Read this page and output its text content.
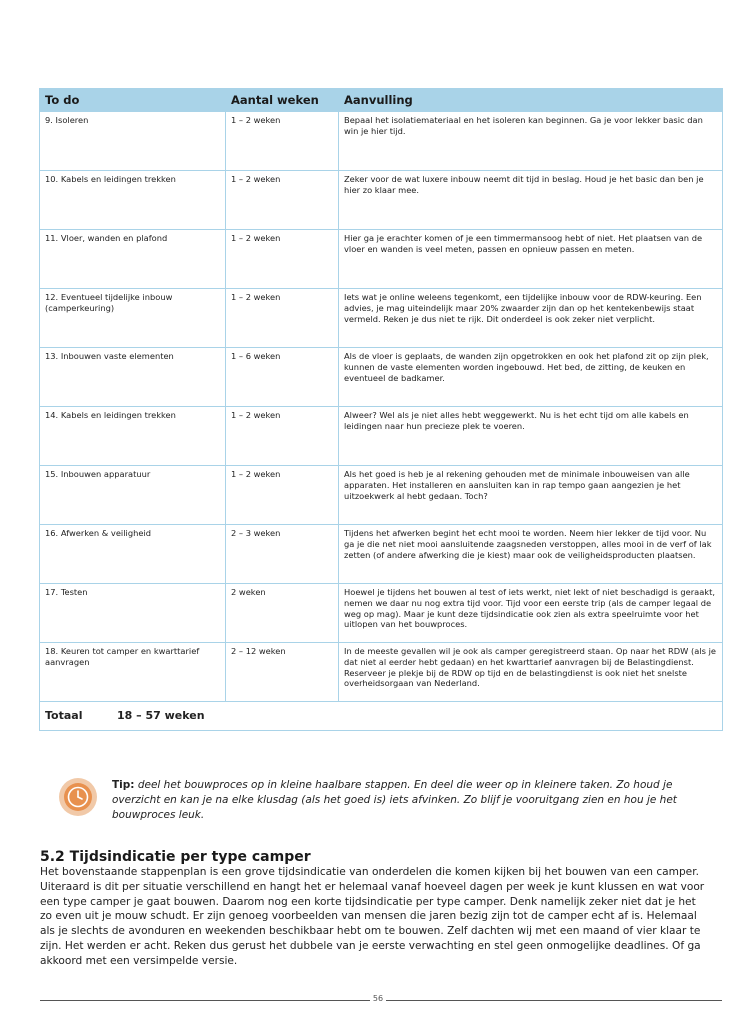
To do	Aantal weken	Aanvulling
9. Isoleren	1 – 2 weken	Bepaal het isolatiemateriaal en het isoleren kan beginnen. Ga je voor lekker basic dan win je hier tijd.
10. Kabels en leidingen trekken	1 – 2 weken	Zeker voor de wat luxere inbouw neemt dit tijd in beslag. Houd je het basic dan ben je hier zo klaar mee.
11. Vloer, wanden en plafond	1 – 2 weken	Hier ga je erachter komen of je een timmermansoog hebt of niet. Het plaatsen van de vloer en wanden is veel meten, passen en opnieuw passen en meten.
12. Eventueel tijdelijke inbouw (camperkeuring)	1 – 2 weken	Iets wat je online weleens tegenkomt, een tijdelijke inbouw voor de RDW-keuring. Een advies, je mag uiteindelijk maar 20% zwaarder zijn dan op het kentekenbewijs staat vermeld. Reken je dus niet te rijk. Dit onderdeel is ook zeker niet verplicht.
13. Inbouwen vaste elementen	1 – 6 weken	Als de vloer is geplaats, de wanden zijn opgetrokken en ook het plafond zit op zijn plek, kunnen de vaste elementen worden ingebouwd. Het bed, de zitting, de keuken en eventueel de badkamer.
14. Kabels en leidingen trekken	1 – 2 weken	Alweer? Wel als je niet alles hebt weggewerkt. Nu is het echt tijd om alle kabels en leidingen naar hun precieze plek te voeren.
15. Inbouwen apparatuur	1 – 2 weken	Als het goed is heb je al rekening gehouden met de minimale inbouweisen van alle apparaten. Het installeren en aansluiten kan in rap tempo gaan aangezien je het uitzoekwerk al hebt gedaan. Toch?
16. Afwerken & veiligheid	2 – 3 weken	Tijdens het afwerken begint het echt mooi te worden. Neem hier lekker de tijd voor. Nu ga je die net niet mooi aansluitende zaagsneden verstoppen, alles mooi in de verf of lak zetten (of andere afwerking die je kiest) maar ook de veiligheidsproducten plaatsen.
17. Testen	2 weken	Hoewel je tijdens het bouwen al test of iets werkt, niet lekt of niet beschadigd is geraakt, nemen we daar nu nog extra tijd voor. Tijd voor een eerste trip (als de camper legaal de weg op mag). Maar je kunt deze tijdsindicatie ook zien als extra speelruimte voor het uitlopen van het bouwproces.
18. Keuren tot camper en kwarttarief aanvragen	2 – 12 weken	In de meeste gevallen wil je ook als camper geregistreerd staan. Op naar het RDW (als je dat niet al eerder hebt gedaan) en het kwarttarief aanvragen bij de Belastingdienst. Reserveer je plekje bij de RDW op tijd en de belastingdienst is ook niet het snelste overheidsorgaan van Nederland.
Totaal 18 – 57 weken		

Tip: deel het bouwproces op in kleine haalbare stappen. En deel die weer op in kleinere taken. Zo houd je overzicht en kan je na elke klusdag (als het goed is) iets afvinken. Zo blijf je vooruitgang zien en hou je het bouwproces leuk.

5.2 Tijdsindicatie per type camper

Het bovenstaande stappenplan is een grove tijdsindicatie van onderdelen die komen kijken bij het bouwen van een camper. Uiteraard is dit per situatie verschillend en hangt het er helemaal vanaf hoeveel dagen per week je kunt klussen en wat voor een type camper je gaat bouwen. Daarom nog een korte tijdsindicatie per type camper. Denk namelijk zeker niet dat je het zo even uit je mouw schudt. Er zijn genoeg voorbeelden van mensen die jaren bezig zijn tot de camper echt af is. Helemaal als je slechts de avonduren en weekenden beschikbaar hebt om te bouwen. Zelf dachten wij met een maand of vier klaar te zijn. Het werden er acht. Reken dus gerust het dubbele van je eerste verwachting en stel geen onmogelijke deadlines. Of ga akkoord met een versimpelde versie.

56
